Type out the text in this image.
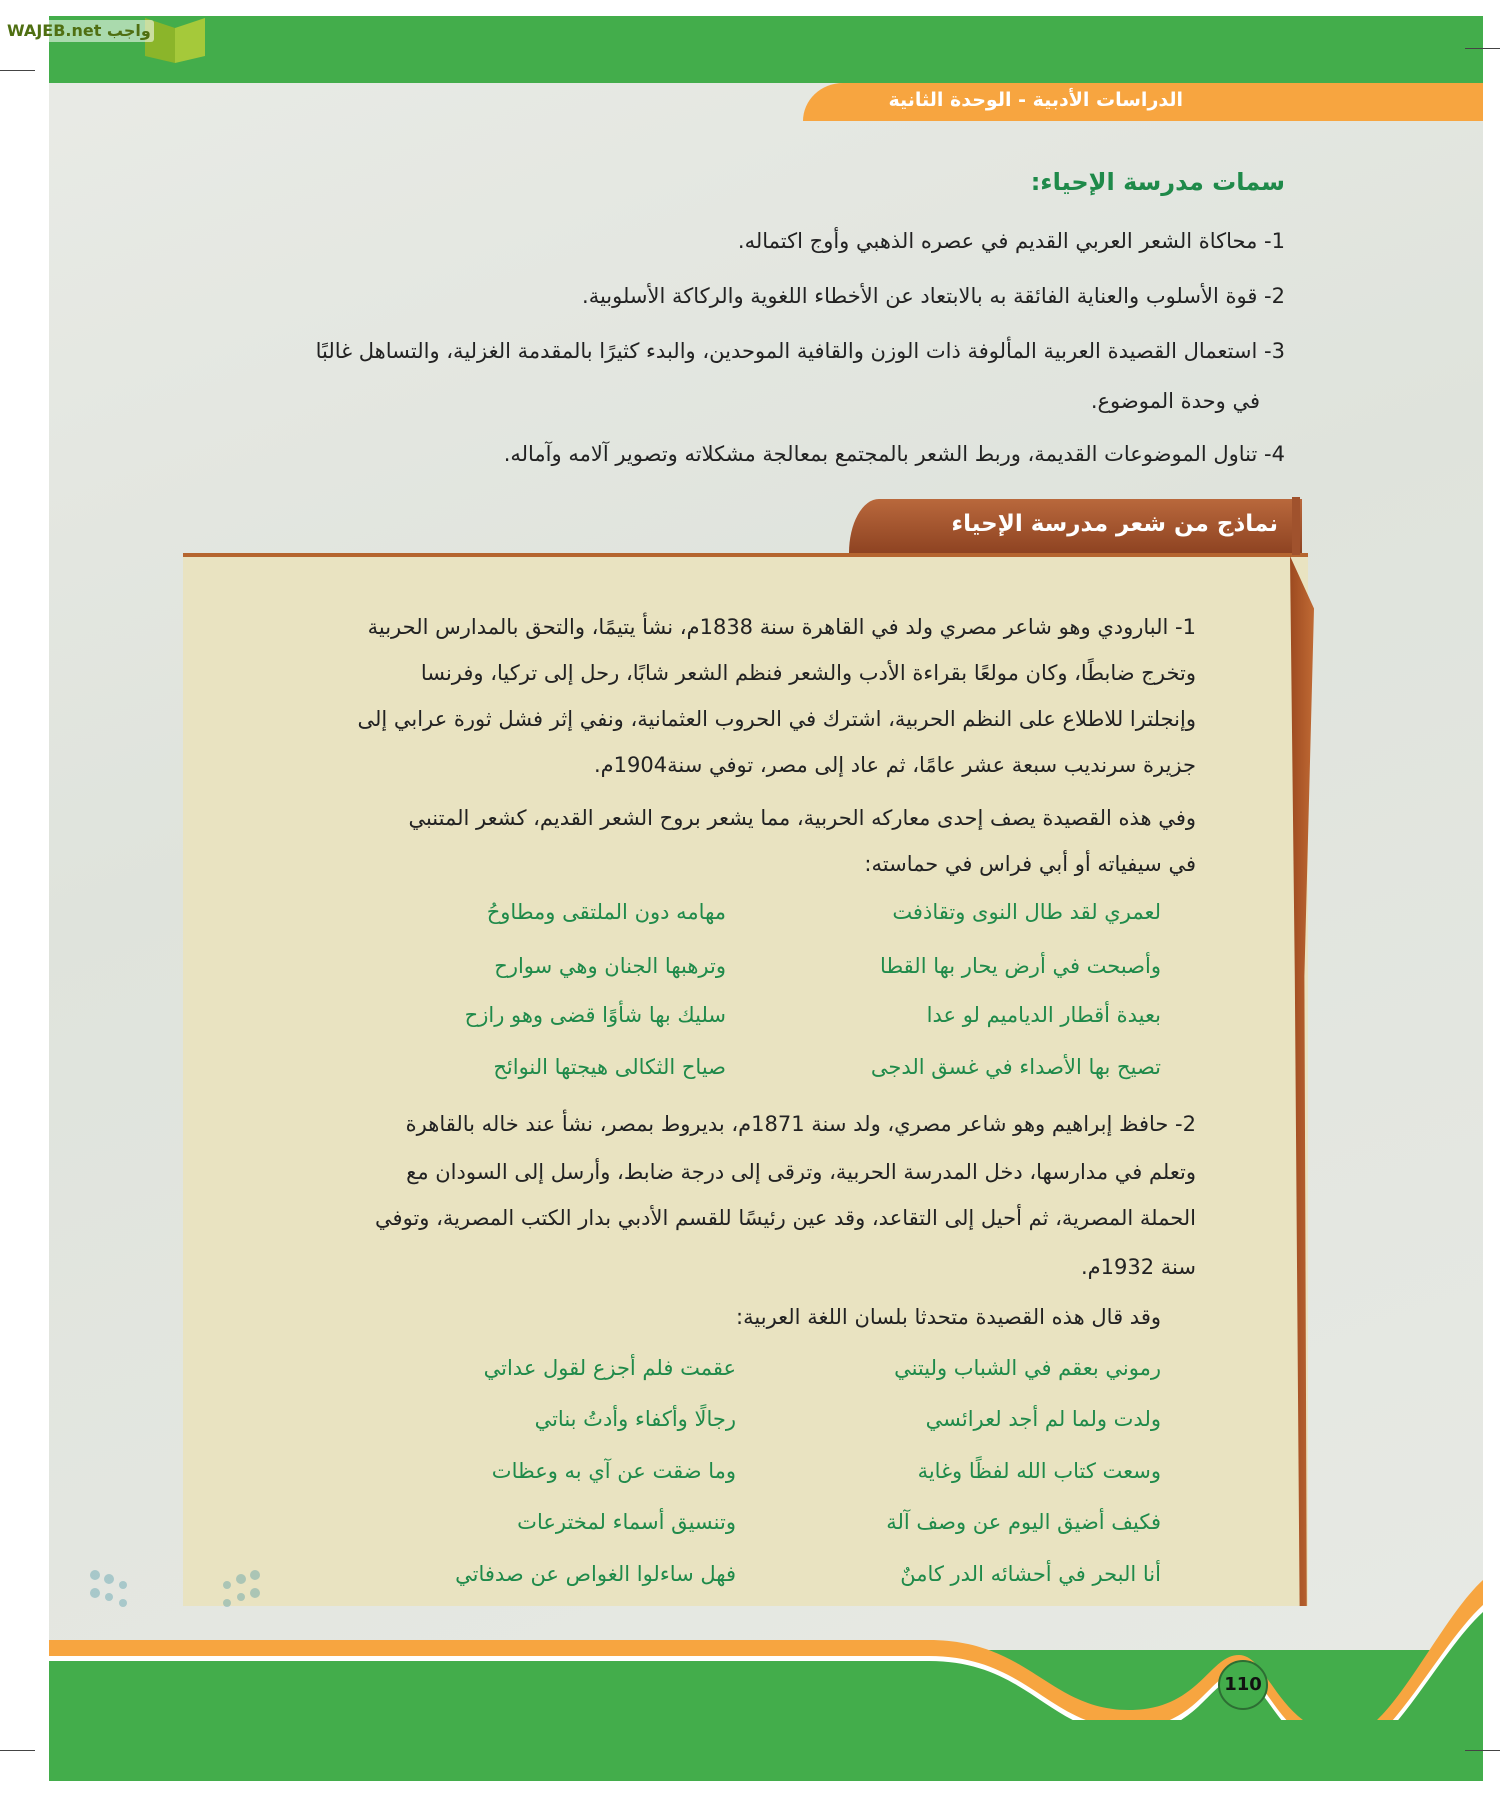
واجب WAJEB.net
الدراسات الأدبية - الوحدة الثانية
سمات مدرسة الإحياء:
1- محاكاة الشعر العربي القديم في عصره الذهبي وأوج اكتماله.
2- قوة الأسلوب والعناية الفائقة به بالابتعاد عن الأخطاء اللغوية والركاكة الأسلوبية.
3- استعمال القصيدة العربية المألوفة ذات الوزن والقافية الموحدين، والبدء كثيرًا بالمقدمة الغزلية، والتساهل غالبًا
في وحدة الموضوع.
4- تناول الموضوعات القديمة، وربط الشعر بالمجتمع بمعالجة مشكلاته وتصوير آلامه وآماله.
نماذج من شعر مدرسة الإحياء
1- البارودي وهو شاعر مصري ولد في القاهرة سنة 1838م، نشأ يتيمًا، والتحق بالمدارس الحربية
وتخرج ضابطًا، وكان مولعًا بقراءة الأدب والشعر فنظم الشعر شابًا، رحل إلى تركيا، وفرنسا
وإنجلترا للاطلاع على النظم الحربية، اشترك في الحروب العثمانية، ونفي إثر فشل ثورة عرابي إلى
جزيرة سرنديب سبعة عشر عامًا، ثم عاد إلى مصر، توفي سنة1904م.
وفي هذه القصيدة يصف إحدى معاركه الحربية، مما يشعر بروح الشعر القديم، كشعر المتنبي
في سيفياته أو أبي فراس في حماسته:
لعمري لقد طال النوى وتقاذفت
مهامه دون الملتقى ومطاوحُ
وأصبحت في أرض يحار بها القطا
وترهبها الجنان وهي سوارح
بعيدة أقطار الدياميم لو عدا
سليك بها شأوًا قضى وهو رازح
تصيح بها الأصداء في غسق الدجى
صياح الثكالى هيجتها النوائح
2- حافظ إبراهيم وهو شاعر مصري، ولد سنة 1871م، بديروط بمصر، نشأ عند خاله بالقاهرة
وتعلم في مدارسها، دخل المدرسة الحربية، وترقى إلى درجة ضابط، وأرسل إلى السودان مع
الحملة المصرية، ثم أحيل إلى التقاعد، وقد عين رئيسًا للقسم الأدبي بدار الكتب المصرية، وتوفي
سنة 1932م.
وقد قال هذه القصيدة متحدثا بلسان اللغة العربية:
رموني بعقم في الشباب وليتني
عقمت فلم أجزع لقول عداتي
ولدت ولما لم أجد لعرائسي
رجالًا وأكفاء وأدتُ بناتي
وسعت كتاب الله لفظًا وغاية
وما ضقت عن آي به وعظات
فكيف أضيق اليوم عن وصف آلة
وتنسيق أسماء لمخترعات
أنا البحر في أحشائه الدر كامنٌ
فهل ساءلوا الغواص عن صدفاتي
110
